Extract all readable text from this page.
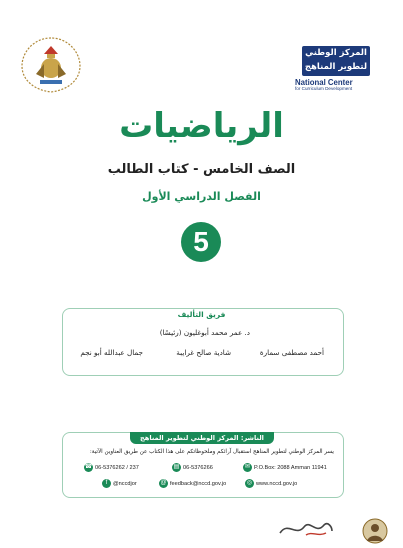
المركز الوطني
لتطوير المناهج
National Center
for Curriculum Development
الرياضيات
الصف الخامس - كتاب الطالب
الفصل الدراسي الأول
5
فريق التأليف
د. عمر محمد أبوغليون (رئيسًا)
أحمد مصطفى سمارة
شادية صالح غرايبة
جمال عبدالله أبو نجم
الناشر: المركز الوطني لتطوير المناهج
يسر المركز الوطني لتطوير المناهج استقبال آرائكم وملحوظاتكم على هذا الكتاب عن طريق العناوين الآتية:
☎ 06-5376262 / 237	▤ 06-5376266	✉ P.O.Box: 2088 Amman 11941
f @nccdjor	@ feedback@nccd.gov.jo	◎ www.nccd.gov.jo
